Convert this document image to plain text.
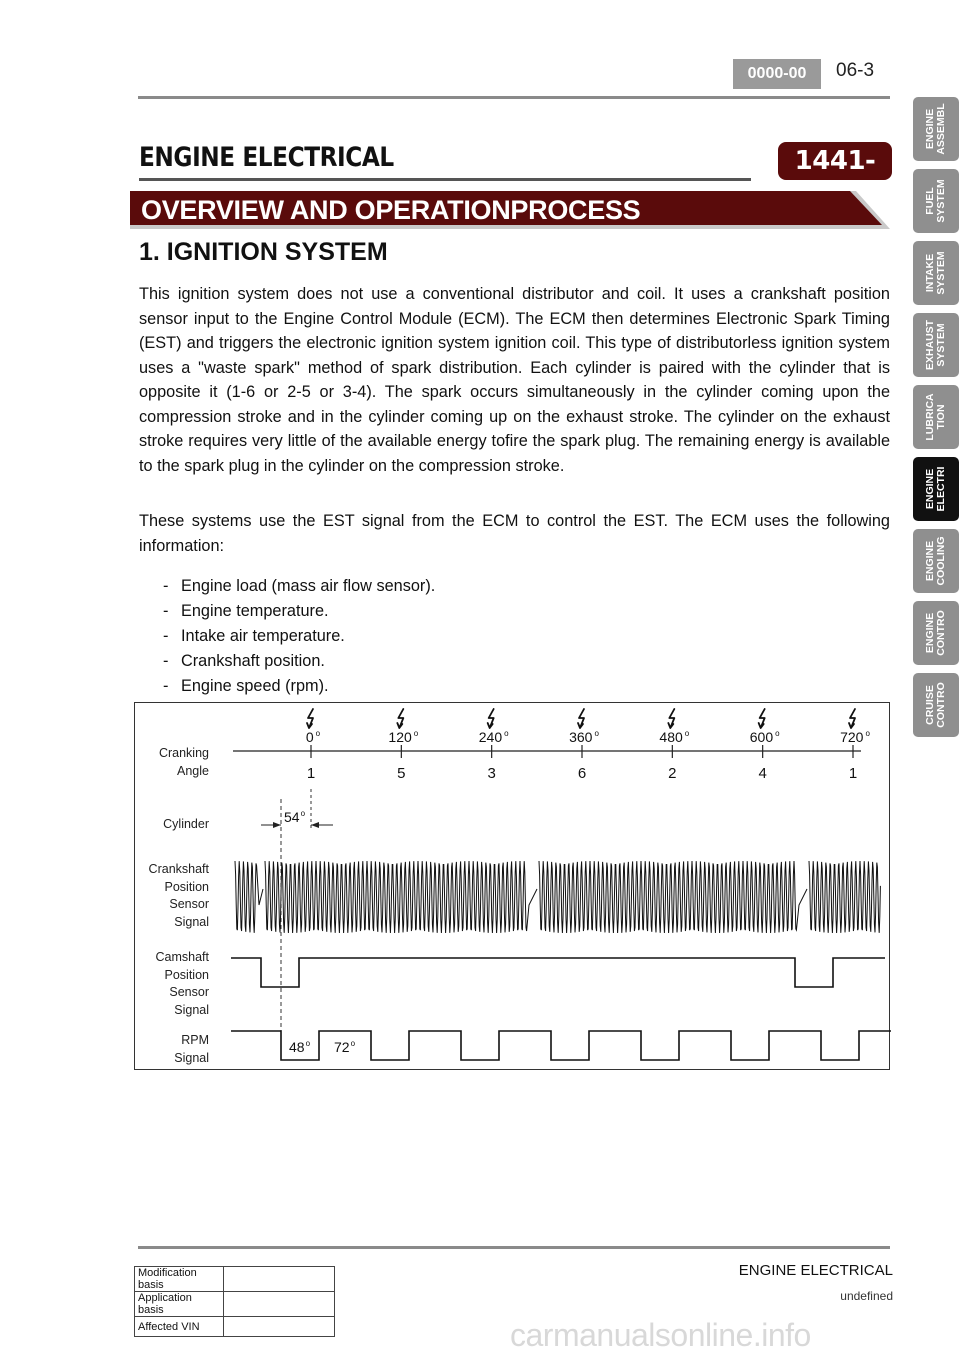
0000-00	06-3
ENGINE ELECTRICAL	1441-
OVERVIEW AND OPERATIONPROCESS
1. IGNITION SYSTEM
This ignition system does not use a conventional distributor and coil. It uses a crankshaft position sensor input to the Engine Control Module (ECM). The ECM then determines Electronic Spark Timing (EST) and triggers the electronic ignition system ignition coil. This type of distributorless ignition system uses a "waste spark" method of spark distribution. Each cylinder is paired with the cylinder that is opposite it (1-6 or 2-5 or 3-4). The spark occurs simultaneously in the cylinder coming upon the compression stroke and in the cylinder coming up on the exhaust stroke. The cylinder on the exhaust stroke requires very little of the available energy tofire the spark plug. The remaining energy is available to the spark plug in the cylinder on the compression stroke.
These systems use the EST signal from the ECM to control the EST. The ECM uses the following information:
- Engine load (mass air flow sensor).
- Engine temperature.
- Intake air temperature.
- Crankshaft position.
- Engine speed (rpm).
Cranking
Angle
Cylinder
Crankshaft
Position
Sensor
Signal
Camshaft
Position
Sensor
Signal
RPM
Signal
54$^o$
48$^o$ 72$^o$
0 $^o$
1
120 $^o$
5
240 $^o$
3
360 $^o$
6
480 $^o$
2
600 $^o$
4
720 $^o$
1
ENGINE ASSEMBL
FUEL SYSTEM
INTAKE SYSTEM
EXHAUST SYSTEM
LUBRICA TION
ENGINE ELECTRI
ENGINE COOLING
ENGINE CONTRO
CRUISE CONTRO
Modification basis	
Application basis	
Affected VIN	
ENGINE ELECTRICAL
undefined
carmanualsonline.info
